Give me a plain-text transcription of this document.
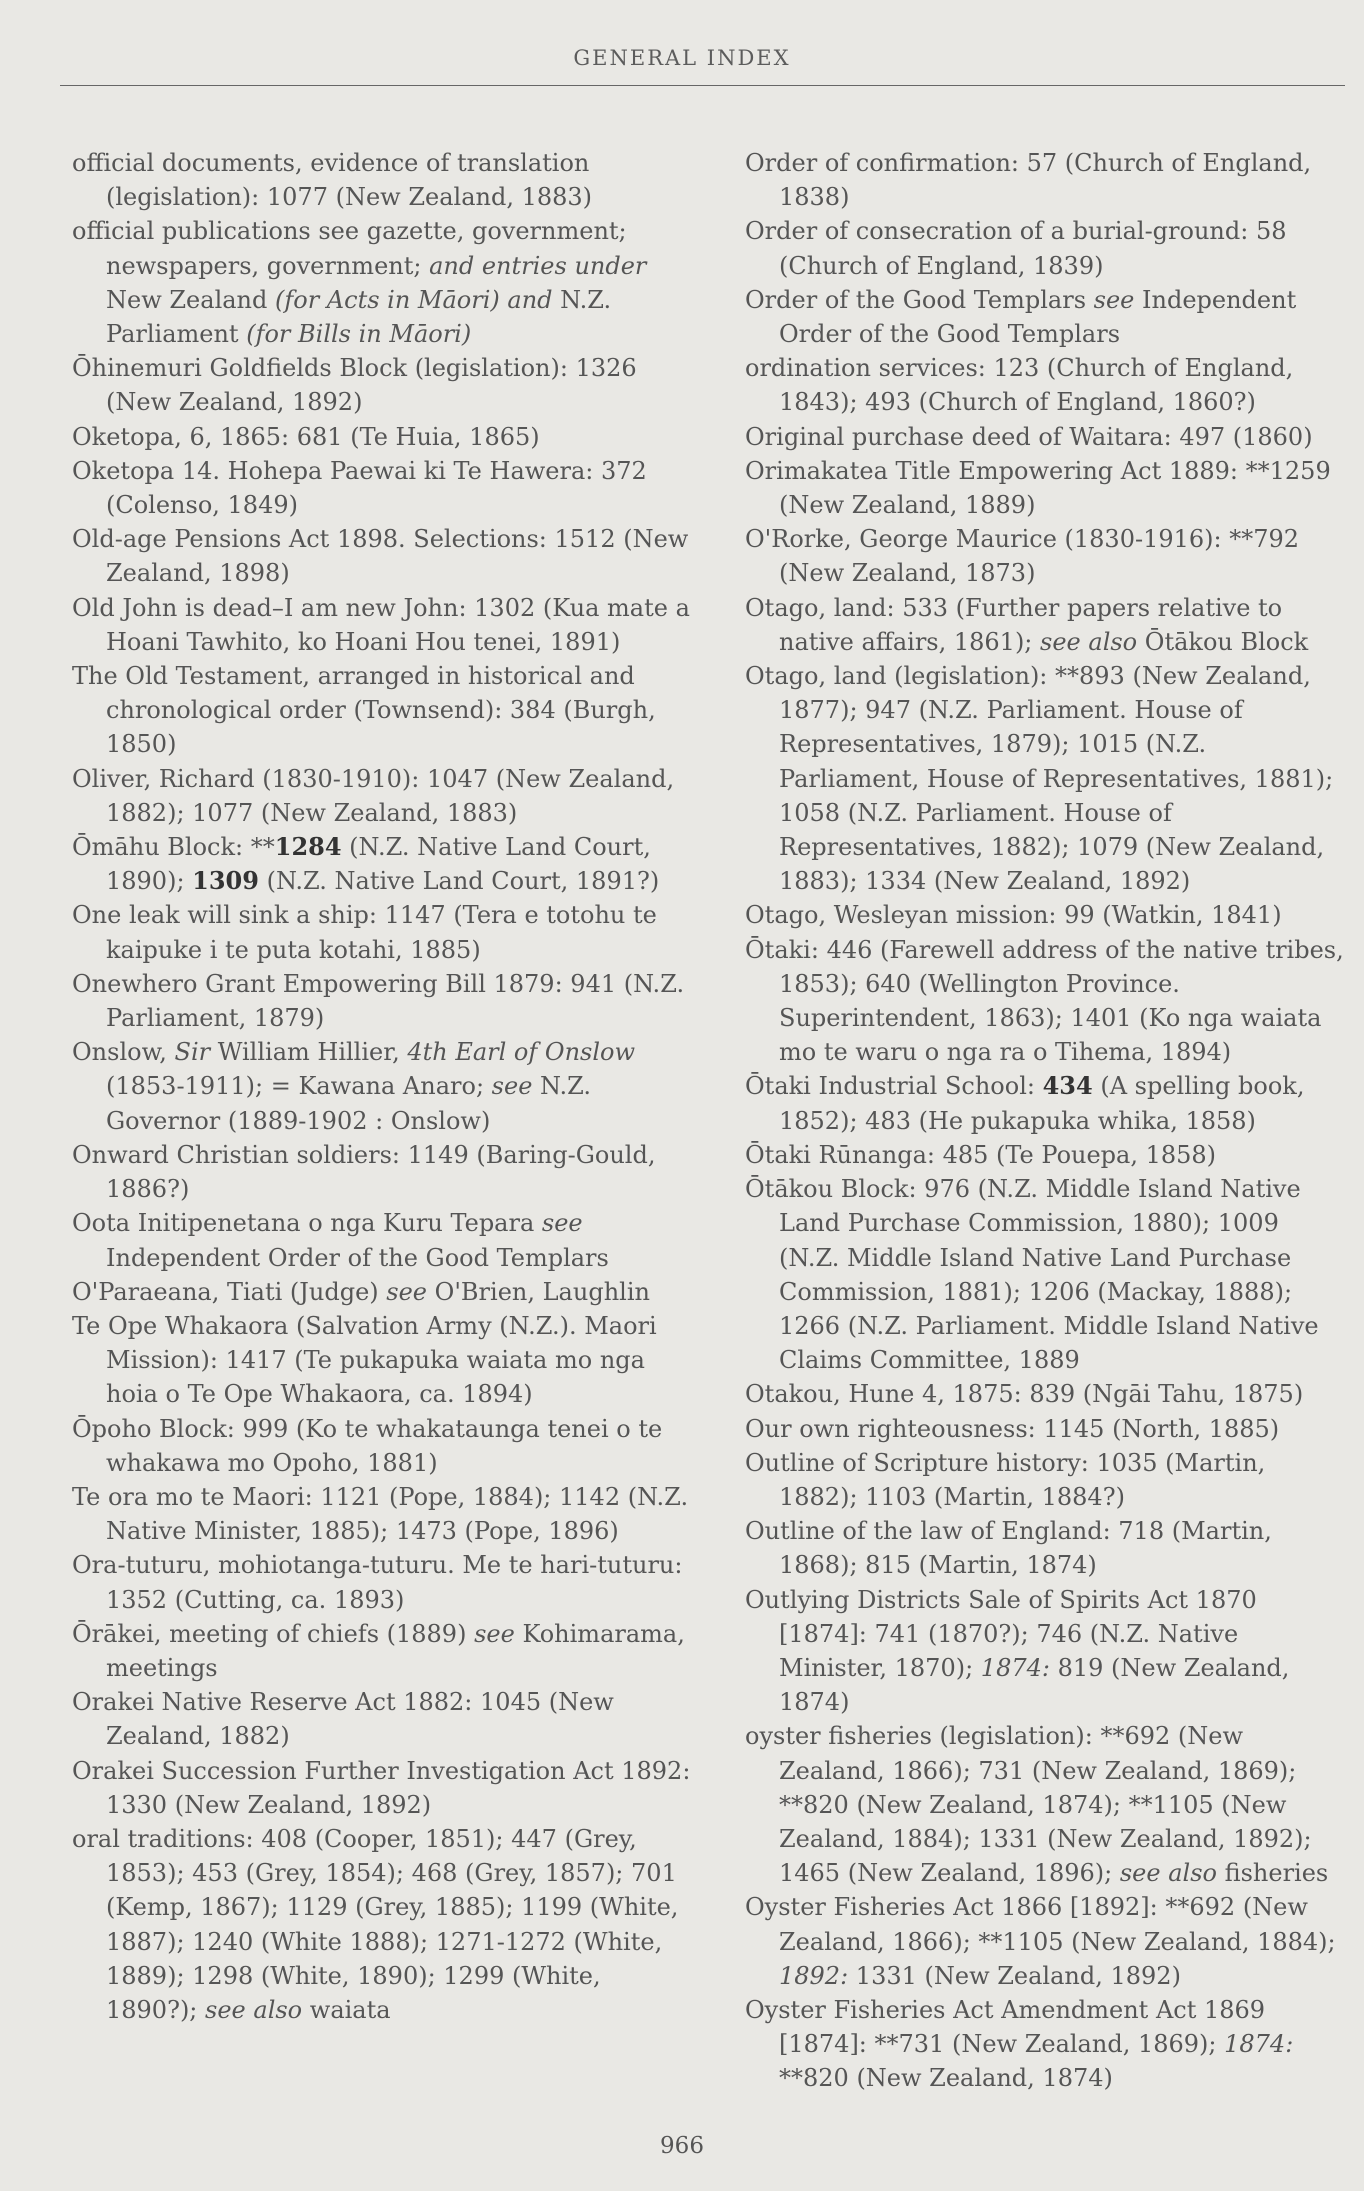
GENERAL INDEX

official documents, evidence of translation (legislation): 1077 (New Zealand, 1883)

official publications see gazette, government; newspapers, government; and entries under New Zealand (for Acts in Māori) and N.Z. Parliament (for Bills in Māori)

Ōhinemuri Goldfields Block (legislation): 1326 (New Zealand, 1892)

Oketopa, 6, 1865: 681 (Te Huia, 1865)

Oketopa 14. Hohepa Paewai ki Te Hawera: 372 (Colenso, 1849)

Old-age Pensions Act 1898. Selections: 1512 (New Zealand, 1898)

Old John is dead–I am new John: 1302 (Kua mate a Hoani Tawhito, ko Hoani Hou tenei, 1891)

The Old Testament, arranged in historical and chronological order (Townsend): 384 (Burgh, 1850)

Oliver, Richard (1830-1910): 1047 (New Zealand, 1882); 1077 (New Zealand, 1883)

Ōmāhu Block: **1284 (N.Z. Native Land Court, 1890); 1309 (N.Z. Native Land Court, 1891?)

One leak will sink a ship: 1147 (Tera e totohu te kaipuke i te puta kotahi, 1885)

Onewhero Grant Empowering Bill 1879: 941 (N.Z. Parliament, 1879)

Onslow, Sir William Hillier, 4th Earl of Onslow (1853-1911); = Kawana Anaro; see N.Z. Governor (1889-1902 : Onslow)

Onward Christian soldiers: 1149 (Baring-Gould, 1886?)

Oota Initipenetana o nga Kuru Tepara see Independent Order of the Good Templars

O'Paraeana, Tiati (Judge) see O'Brien, Laughlin

Te Ope Whakaora (Salvation Army (N.Z.). Maori Mission): 1417 (Te pukapuka waiata mo nga hoia o Te Ope Whakaora, ca. 1894)

Ōpoho Block: 999 (Ko te whakataunga tenei o te whakawa mo Opoho, 1881)

Te ora mo te Maori: 1121 (Pope, 1884); 1142 (N.Z. Native Minister, 1885); 1473 (Pope, 1896)

Ora-tuturu, mohiotanga-tuturu. Me te hari-tuturu: 1352 (Cutting, ca. 1893)

Ōrākei, meeting of chiefs (1889) see Kohimarama, meetings

Orakei Native Reserve Act 1882: 1045 (New Zealand, 1882)

Orakei Succession Further Investigation Act 1892: 1330 (New Zealand, 1892)

oral traditions: 408 (Cooper, 1851); 447 (Grey, 1853); 453 (Grey, 1854); 468 (Grey, 1857); 701 (Kemp, 1867); 1129 (Grey, 1885); 1199 (White, 1887); 1240 (White 1888); 1271-1272 (White, 1889); 1298 (White, 1890); 1299 (White, 1890?); see also waiata

Order of confirmation: 57 (Church of England, 1838)

Order of consecration of a burial-ground: 58 (Church of England, 1839)

Order of the Good Templars see Independent Order of the Good Templars

ordination services: 123 (Church of England, 1843); 493 (Church of England, 1860?)

Original purchase deed of Waitara: 497 (1860)

Orimakatea Title Empowering Act 1889: **1259 (New Zealand, 1889)

O'Rorke, George Maurice (1830-1916): **792 (New Zealand, 1873)

Otago, land: 533 (Further papers relative to native affairs, 1861); see also Ōtākou Block

Otago, land (legislation): **893 (New Zealand, 1877); 947 (N.Z. Parliament. House of Representatives, 1879); 1015 (N.Z. Parliament, House of Representatives, 1881); 1058 (N.Z. Parliament. House of Representatives, 1882); 1079 (New Zealand, 1883); 1334 (New Zealand, 1892)

Otago, Wesleyan mission: 99 (Watkin, 1841)

Ōtaki: 446 (Farewell address of the native tribes, 1853); 640 (Wellington Province. Superintendent, 1863); 1401 (Ko nga waiata mo te waru o nga ra o Tihema, 1894)

Ōtaki Industrial School: 434 (A spelling book, 1852); 483 (He pukapuka whika, 1858)

Ōtaki Rūnanga: 485 (Te Pouepa, 1858)

Ōtākou Block: 976 (N.Z. Middle Island Native Land Purchase Commission, 1880); 1009 (N.Z. Middle Island Native Land Purchase Commission, 1881); 1206 (Mackay, 1888); 1266 (N.Z. Parliament. Middle Island Native Claims Committee, 1889

Otakou, Hune 4, 1875: 839 (Ngāi Tahu, 1875)

Our own righteousness: 1145 (North, 1885)

Outline of Scripture history: 1035 (Martin, 1882); 1103 (Martin, 1884?)

Outline of the law of England: 718 (Martin, 1868); 815 (Martin, 1874)

Outlying Districts Sale of Spirits Act 1870 [1874]: 741 (1870?); 746 (N.Z. Native Minister, 1870); 1874: 819 (New Zealand, 1874)

oyster fisheries (legislation): **692 (New Zealand, 1866); 731 (New Zealand, 1869); **820 (New Zealand, 1874); **1105 (New Zealand, 1884); 1331 (New Zealand, 1892); 1465 (New Zealand, 1896); see also fisheries

Oyster Fisheries Act 1866 [1892]: **692 (New Zealand, 1866); **1105 (New Zealand, 1884); 1892: 1331 (New Zealand, 1892)

Oyster Fisheries Act Amendment Act 1869 [1874]: **731 (New Zealand, 1869); 1874: **820 (New Zealand, 1874)

966
